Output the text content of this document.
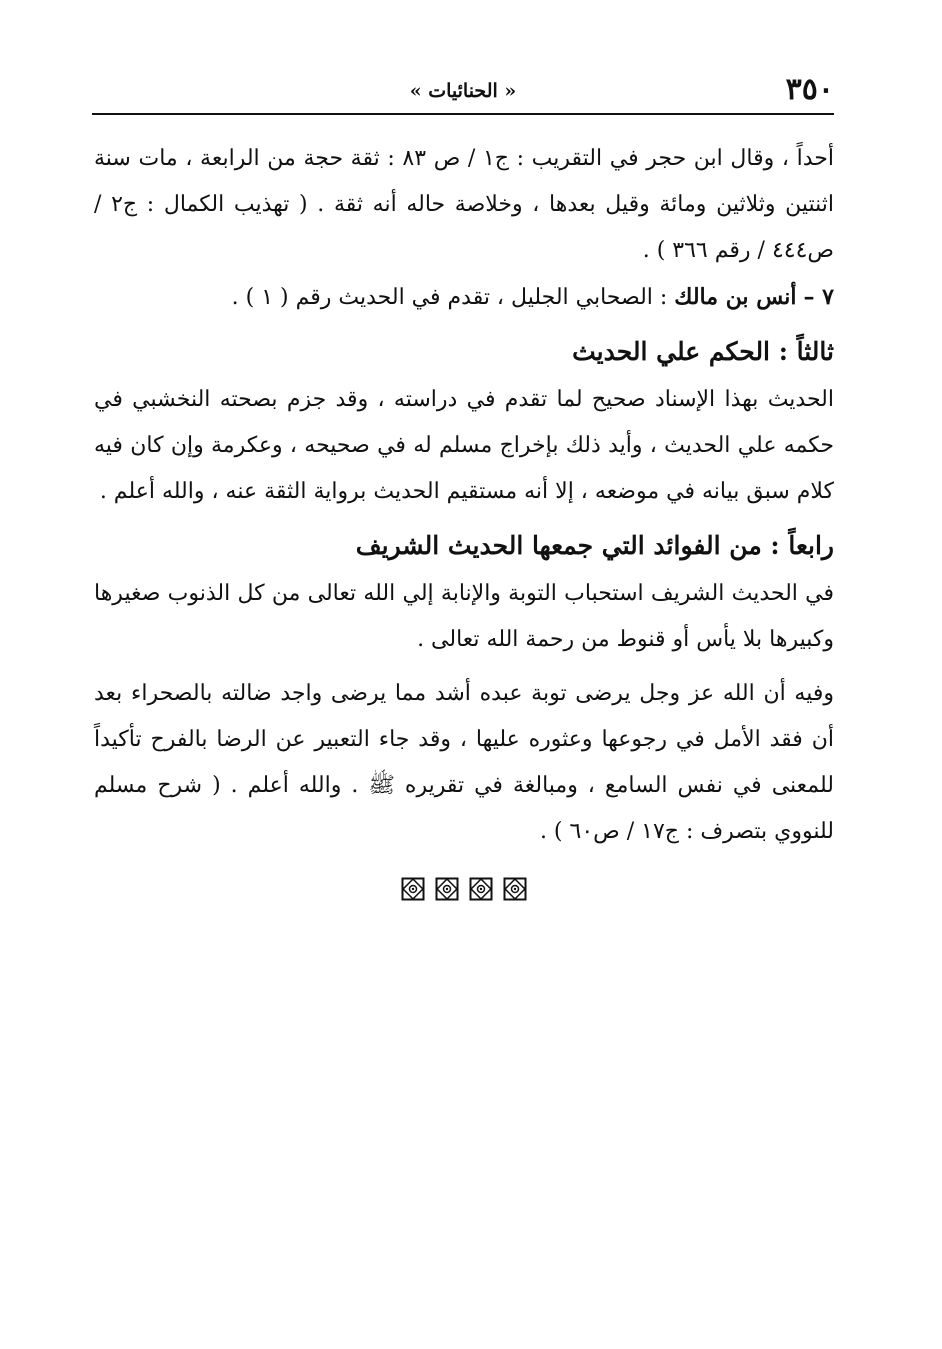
٣٥٠
« الحنائيات »

أحداً ، وقال ابن حجر في التقريب : ج١ / ص ٨٣ : ثقة حجة من الرابعة ، مات سنة اثنتين وثلاثين ومائة وقيل بعدها ، وخلاصة حاله أنه ثقة . ( تهذيب الكمال : ج٢ / ص٤٤٤ / رقم ٣٦٦ ) .

٧ – أنس بن مالك : الصحابي الجليل ، تقدم في الحديث رقم ( ١ ) .

ثالثاً : الحكم علي الحديث

الحديث بهذا الإسناد صحيح لما تقدم في دراسته ، وقد جزم بصحته النخشبي في حكمه علي الحديث ، وأيد ذلك بإخراج مسلم له في صحيحه ، وعكرمة وإن كان فيه كلام سبق بيانه في موضعه ، إلا أنه مستقيم الحديث برواية الثقة عنه ، والله أعلم .

رابعاً : من الفوائد التي جمعها الحديث الشريف

في الحديث الشريف استحباب التوبة والإنابة إلي الله تعالى من كل الذنوب صغيرها وكبيرها بلا يأس أو قنوط من رحمة الله تعالى .

وفيه أن الله عز وجل يرضى توبة عبده أشد مما يرضى واجد ضالته بالصحراء بعد أن فقد الأمل في رجوعها وعثوره عليها ، وقد جاء التعبير عن الرضا بالفرح تأكيداً للمعنى في نفس السامع ، ومبالغة في تقريره ﷺ . والله أعلم . ( شرح مسلم للنووي بتصرف : ج١٧ / ص٦٠ ) .
